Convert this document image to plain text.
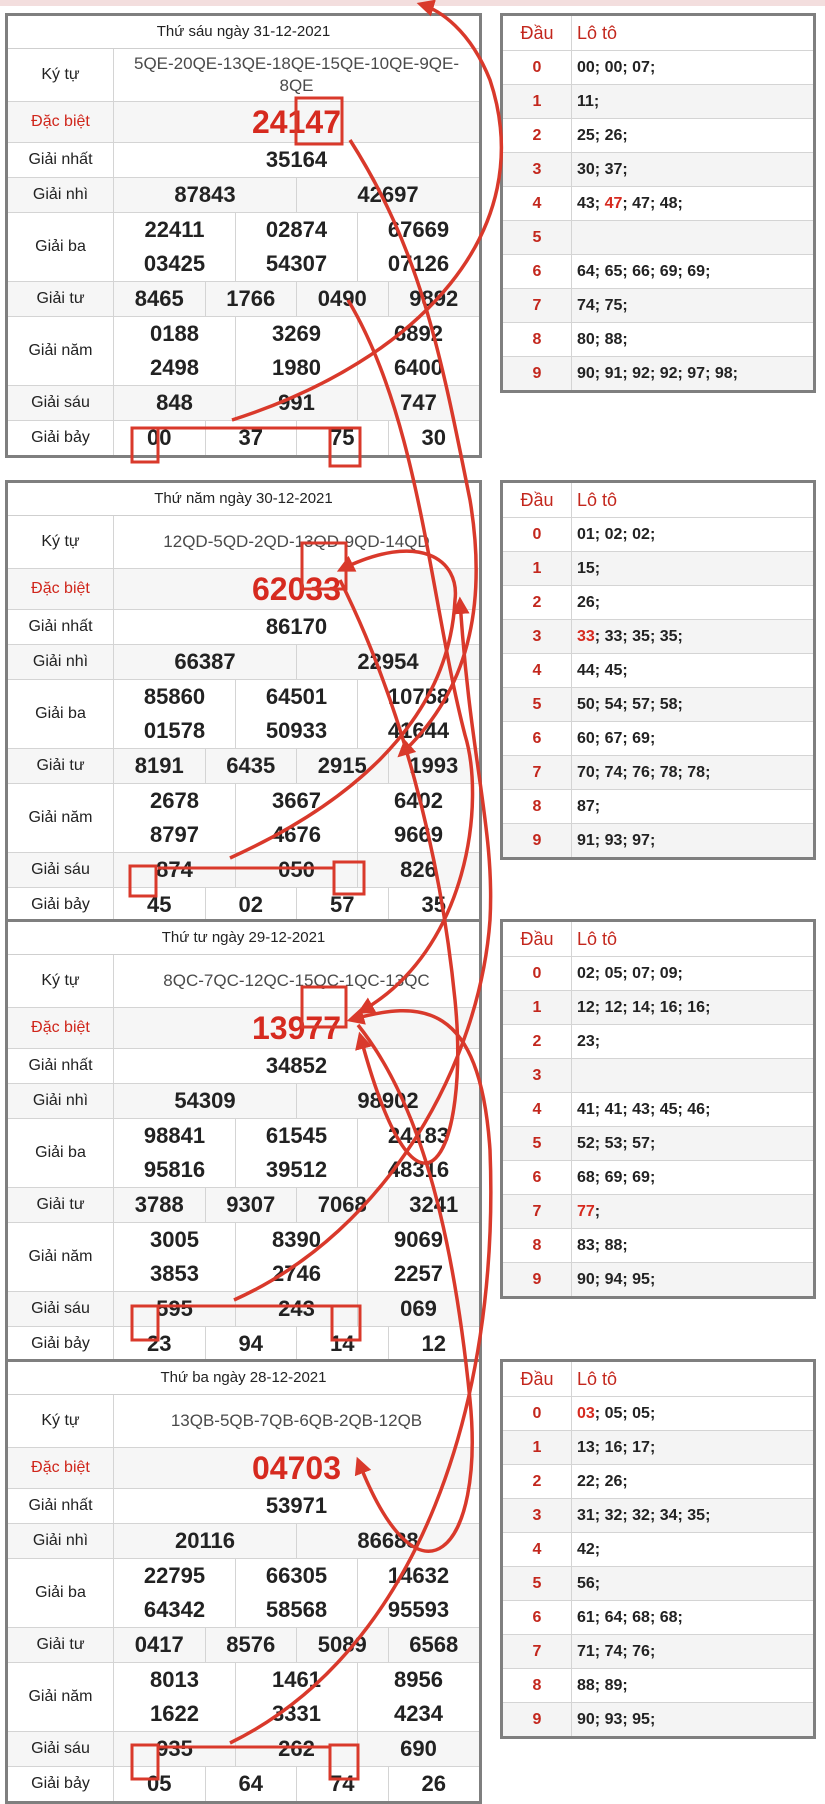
Thứ sáu ngày 31-12-2021
Ký tự
5QE-20QE-13QE-18QE-15QE-10QE-9QE-8QE
Đặc biệt	24147
Giải nhất	35164
Giải nhì	87843	42697
Giải ba
22411	02874	67669
03425	54307	07126
Giải tư	8465	1766	0490	9892
Giải năm
0188	3269	6892
2498	1980	6400
Giải sáu	848	991	747
Giải bảy	00	37	75	30
Đầu	Lô tô
0	00; 00; 07;
1	11;
2	25; 26;
3	30; 37;
4	43; 47 ; 47; 48;
5
6	64; 65; 66; 69; 69;
7	74; 75;
8	80; 88;
9	90; 91; 92; 92; 97; 98;
Thứ năm ngày 30-12-2021
Ký tự	12QD-5QD-2QD-13QD-9QD-14QD
Đặc biệt	62033
Giải nhất	86170
Giải nhì	66387	22954
Giải ba
85860	64501	10758
01578	50933	41644
Giải tư	8191	6435	2915	1993
Giải năm
2678	3667	6402
8797	4676	9669
Giải sáu	874	050	826
Giải bảy	45	02	57	35
Đầu	Lô tô
0	01; 02; 02;
1	15;
2	26;
3	33 ; 33; 35; 35;
4	44; 45;
5	50; 54; 57; 58;
6	60; 67; 69;
7	70; 74; 76; 78; 78;
8	87;
9	91; 93; 97;
Thứ tư ngày 29-12-2021
Ký tự	8QC-7QC-12QC-15QC-1QC-13QC
Đặc biệt	13977
Giải nhất	34852
Giải nhì	54309	98902
Giải ba
98841	61545	24183
95816	39512	48316
Giải tư	3788	9307	7068	3241
Giải năm
3005	8390	9069
3853	2746	2257
Giải sáu	595	243	069
Giải bảy	23	94	14	12
Đầu	Lô tô
0	02; 05; 07; 09;
1	12; 12; 14; 16; 16;
2	23;
3
4	41; 41; 43; 45; 46;
5	52; 53; 57;
6	68; 69; 69;
7	77 ;
8	83; 88;
9	90; 94; 95;
Thứ ba ngày 28-12-2021
Ký tự	13QB-5QB-7QB-6QB-2QB-12QB
Đặc biệt	04703
Giải nhất	53971
Giải nhì	20116	86688
Giải ba
22795	66305	14632
64342	58568	95593
Giải tư	0417	8576	5089	6568
Giải năm
8013	1461	8956
1622	3331	4234
Giải sáu	935	262	690
Giải bảy	05	64	74	26
Đầu	Lô tô
0	03 ; 05; 05;
1	13; 16; 17;
2	22; 26;
3	31; 32; 32; 34; 35;
4	42;
5	56;
6	61; 64; 68; 68;
7	71; 74; 76;
8	88; 89;
9	90; 93; 95;
